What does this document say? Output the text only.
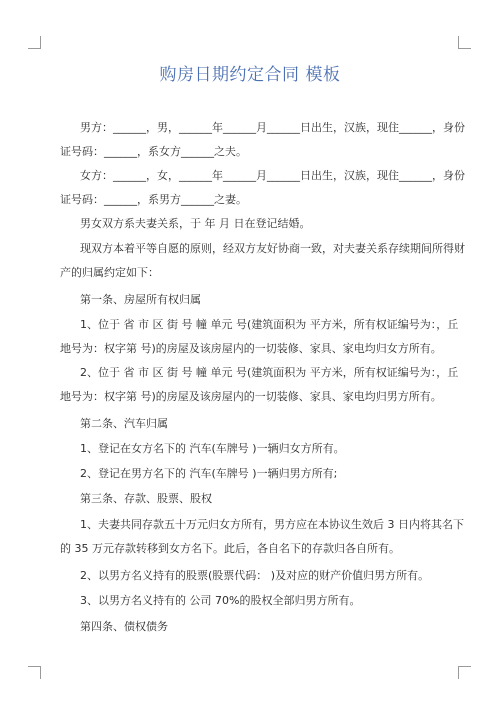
购房日期约定合同 模板
男方：______，男，______年______月______日出生，汉族，现住______，身份
证号码：______，系女方______之夫。
女方：______，女，______年______月______日出生，汉族，现住______，身份
证号码：______，系男方______之妻。
男女双方系夫妻关系，于 年 月 日在登记结婚。
现双方本着平等自愿的原则，经双方友好协商一致，对夫妻关系存续期间所得财
产的归属约定如下：
第一条、房屋所有权归属
1、位于 省 市 区 街 号 幢 单元 号(建筑面积为 平方米，所有权证编号为：，丘
地号为：权字第 号)的房屋及该房屋内的一切装修、家具、家电均归女方所有。
2、位于 省 市 区 街 号 幢 单元 号(建筑面积为 平方米，所有权证编号为：，丘
地号为：权字第 号)的房屋及该房屋内的一切装修、家具、家电均归男方所有。
第二条、汽车归属
1、登记在女方名下的 汽车(车牌号 )一辆归女方所有。
2、登记在男方名下的 汽车(车牌号 )一辆归男方所有;
第三条、存款、股票、股权
1、夫妻共同存款五十万元归女方所有，男方应在本协议生效后 3 日内将其名下
的 35 万元存款转移到女方名下。此后，各自名下的存款归各自所有。
2、以男方名义持有的股票(股票代码： )及对应的财产价值归男方所有。
3、以男方名义持有的 公司 70%的股权全部归男方所有。
第四条、债权债务
